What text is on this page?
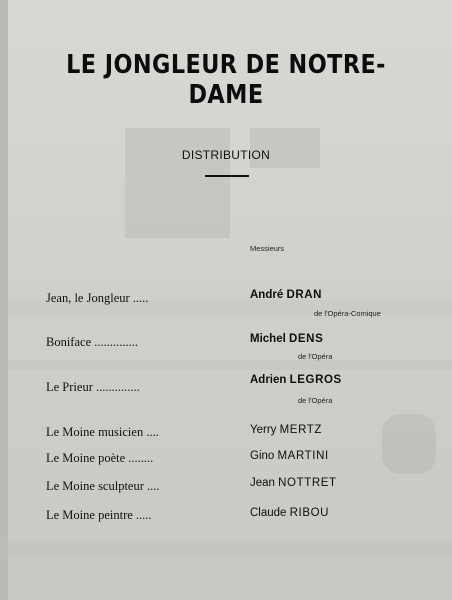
LE JONGLEUR DE NOTRE-DAME
DISTRIBUTION
Messieurs
Jean, le Jongleur .....	André DRAN
de l'Opéra-Comique
Boniface ..............	Michel DENS
de l'Opéra
Le Prieur ..............	Adrien LEGROS
de l'Opéra
Le Moine musicien ....	Yerry MERTZ
Le Moine poète ........	Gino MARTINI
Le Moine sculpteur ....	Jean NOTTRET
Le Moine peintre .....	Claude RIBOU
